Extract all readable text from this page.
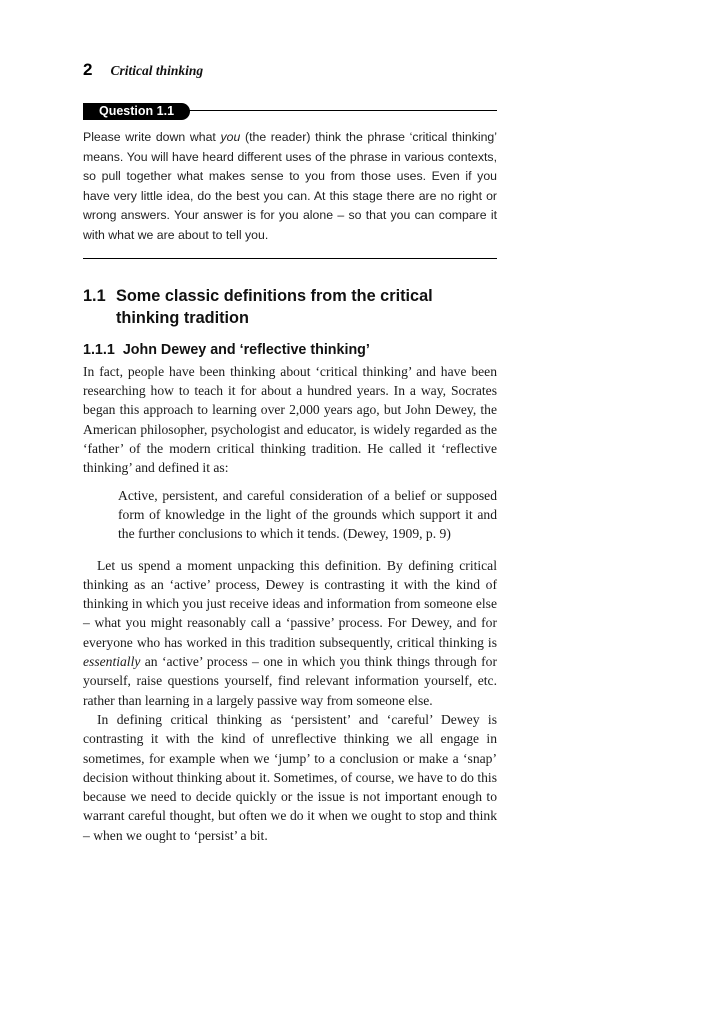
2 Critical thinking
Question 1.1

Please write down what you (the reader) think the phrase ‘critical thinking’ means. You will have heard different uses of the phrase in various contexts, so pull together what makes sense to you from those uses. Even if you have very little idea, do the best you can. At this stage there are no right or wrong answers. Your answer is for you alone – so that you can compare it with what we are about to tell you.

1.1 Some classic definitions from the critical thinking tradition
1.1.1 John Dewey and ‘reflective thinking’

In fact, people have been thinking about ‘critical thinking’ and have been researching how to teach it for about a hundred years. In a way, Socrates began this approach to learning over 2,000 years ago, but John Dewey, the American philosopher, psychologist and educator, is widely regarded as the ‘father’ of the modern critical thinking tradition. He called it ‘reflective thinking’ and defined it as:

Active, persistent, and careful consideration of a belief or supposed form of knowledge in the light of the grounds which support it and the further conclusions to which it tends. (Dewey, 1909, p. 9)

Let us spend a moment unpacking this definition. By defining critical thinking as an ‘active’ process, Dewey is contrasting it with the kind of thinking in which you just receive ideas and information from someone else – what you might reasonably call a ‘passive’ process. For Dewey, and for everyone who has worked in this tradition subsequently, critical thinking is essentially an ‘active’ process – one in which you think things through for yourself, raise questions yourself, find relevant information yourself, etc. rather than learning in a largely passive way from someone else.

In defining critical thinking as ‘persistent’ and ‘careful’ Dewey is contrasting it with the kind of unreflective thinking we all engage in sometimes, for example when we ‘jump’ to a conclusion or make a ‘snap’ decision without thinking about it. Sometimes, of course, we have to do this because we need to decide quickly or the issue is not important enough to warrant careful thought, but often we do it when we ought to stop and think – when we ought to ‘persist’ a bit.
